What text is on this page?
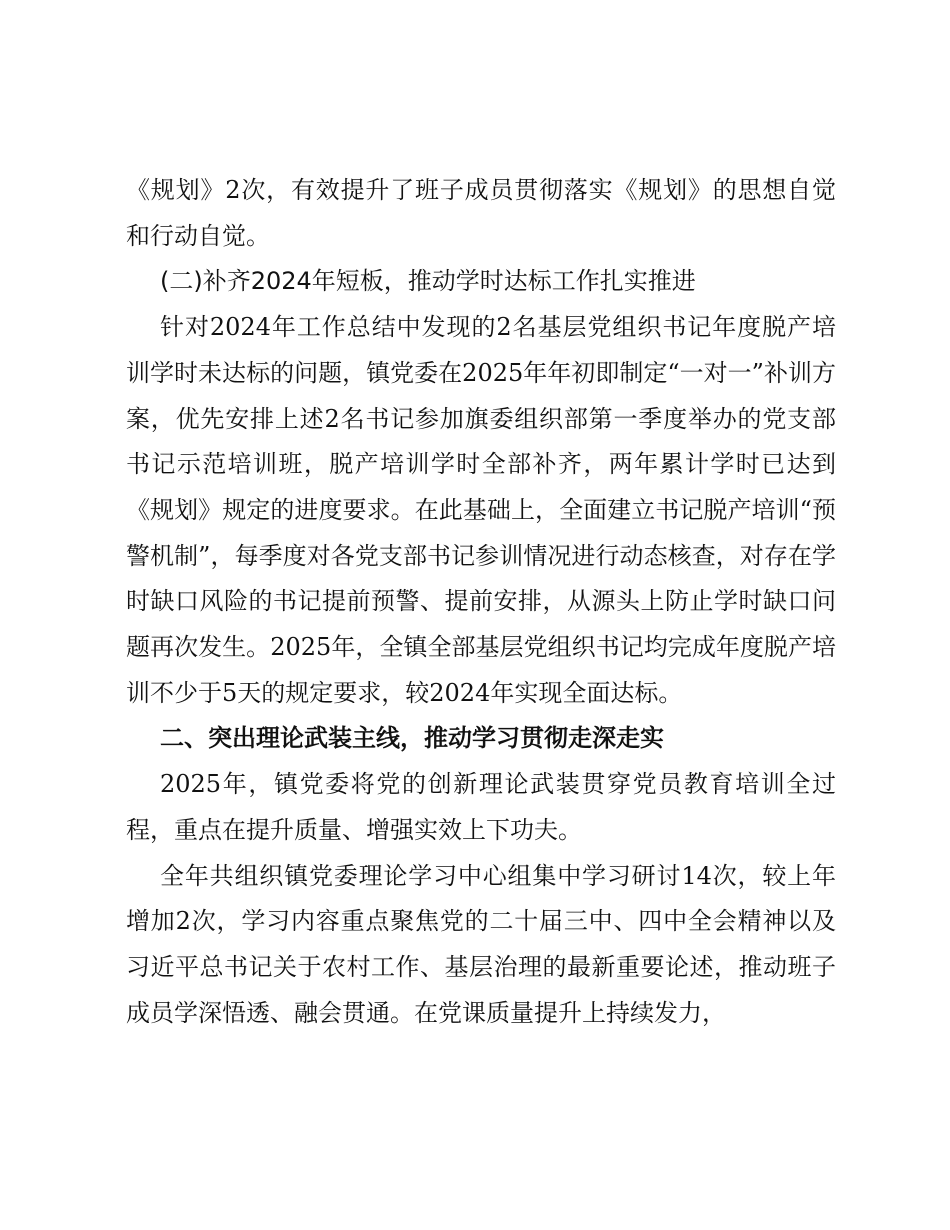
《规划》2次，有效提升了班子成员贯彻落实《规划》的思想自觉和行动自觉。

(二)补齐2024年短板，推动学时达标工作扎实推进

针对2024年工作总结中发现的2名基层党组织书记年度脱产培训学时未达标的问题，镇党委在2025年年初即制定“一对一”补训方案，优先安排上述2名书记参加旗委组织部第一季度举办的党支部书记示范培训班，脱产培训学时全部补齐，两年累计学时已达到《规划》规定的进度要求。在此基础上，全面建立书记脱产培训“预警机制”，每季度对各党支部书记参训情况进行动态核查，对存在学时缺口风险的书记提前预警、提前安排，从源头上防止学时缺口问题再次发生。2025年，全镇全部基层党组织书记均完成年度脱产培训不少于5天的规定要求，较2024年实现全面达标。

二、突出理论武装主线，推动学习贯彻走深走实

2025年，镇党委将党的创新理论武装贯穿党员教育培训全过程，重点在提升质量、增强实效上下功夫。

全年共组织镇党委理论学习中心组集中学习研讨14次，较上年增加2次，学习内容重点聚焦党的二十届三中、四中全会精神以及习近平总书记关于农村工作、基层治理的最新重要论述，推动班子成员学深悟透、融会贯通。在党课质量提升上持续发力，
